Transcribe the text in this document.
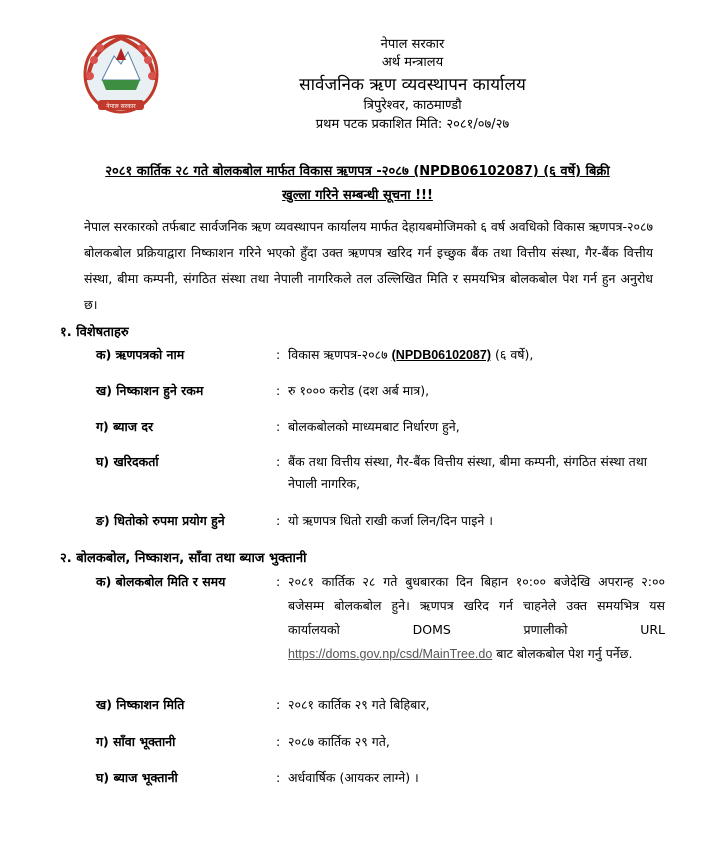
नेपाल सरकार
नेपाल सरकार
अर्थ मन्त्रालय
सार्वजनिक ऋण व्यवस्थापन कार्यालय
त्रिपुरेश्वर, काठमाण्डौ
प्रथम पटक प्रकाशित मिति: २०८१/०७/२७
२०८१ कार्तिक २८ गते बोलकबोल मार्फत विकास ऋणपत्र -२०८७ (NPDB06102087) (६ वर्षे) बिक्री
खुल्ला गरिने सम्बन्धी सूचना !!!
नेपाल सरकारको तर्फबाट सार्वजनिक ऋण व्यवस्थापन कार्यालय मार्फत देहायबमोजिमको ६ वर्ष अवधिको विकास ऋणपत्र-२०८७ बोलकबोल प्रक्रियाद्वारा निष्काशन गरिने भएको हुँदा उक्त ऋणपत्र खरिद गर्न इच्छुक बैंक तथा वित्तीय संस्था, गैर-बैंक वित्तीय संस्था, बीमा कम्पनी, संगठित संस्था तथा नेपाली नागरिकले तल उल्लिखित मिति र समयभित्र बोलकबोल पेश गर्न हुन अनुरोध छ।
१. विशेषताहरु
क) ऋणपत्रको नाम	: विकास ऋणपत्र-२०८७ (NPDB06102087) (६ वर्षे),
ख) निष्काशन हुने रकम	: रु १००० करोड (दश अर्ब मात्र),
ग) ब्याज दर	: बोलकबोलको माध्यमबाट निर्धारण हुने,
घ) खरिदकर्ता	: बैंक तथा वित्तीय संस्था, गैर-बैंक वित्तीय संस्था, बीमा कम्पनी, संगठित संस्था तथा नेपाली नागरिक,
ङ) धितोको रुपमा प्रयोग हुने	: यो ऋणपत्र धितो राखी कर्जा लिन/दिन पाइने ।
२. बोलकबोल, निष्काशन, साँवा तथा ब्याज भुक्तानी
क) बोलकबोल मिति र समय	: २०८१ कार्तिक २८ गते बुधबारका दिन बिहान १०:०० बजेदेखि अपरान्ह २:०० बजेसम्म बोलकबोल हुने। ऋणपत्र खरिद गर्न चाहनेले उक्त समयभित्र यस कार्यालयको DOMS प्रणालीको URL https://doms.gov.np/csd/MainTree.do बाट बोलकबोल पेश गर्नु पर्नेछ.
ख) निष्काशन मिति	: २०८१ कार्तिक २९ गते बिहिबार,
ग) साँवा भूक्तानी	: २०८७ कार्तिक २९ गते,
घ) ब्याज भूक्तानी	: अर्धवार्षिक (आयकर लाग्ने) ।
